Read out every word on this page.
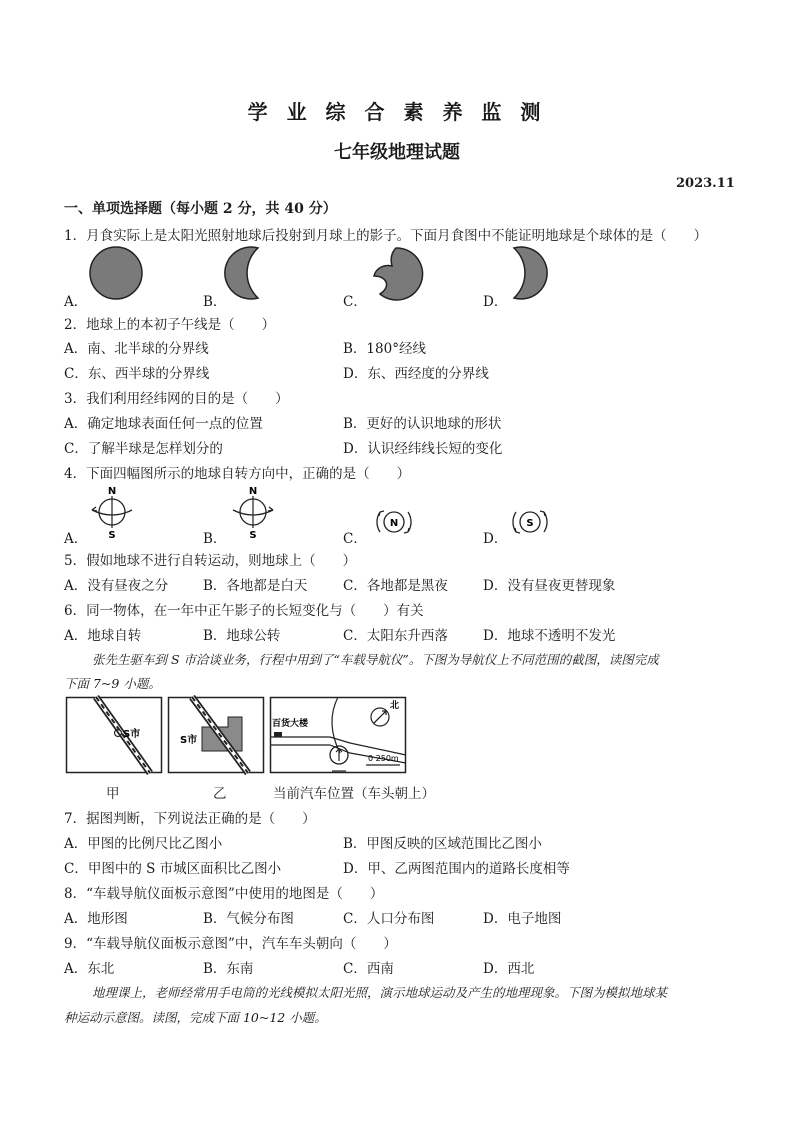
学 业 综 合 素 养 监 测
七年级地理试题
2023.11
一、单项选择题（每小题 2 分，共 40 分）
1．月食实际上是太阳光照射地球后投射到月球上的影子。下面月食图中不能证明地球是个球体的是（　　）
A．	B．	C．	D．
2．地球上的本初子午线是（　　）
A．南、北半球的分界线	B．180°经线
C．东、西半球的分界线	D．东、西经度的分界线
3．我们利用经纬网的目的是（　　）
A．确定地球表面任何一点的位置	B．更好的认识地球的形状
C．了解半球是怎样划分的	D．认识经纬线长短的变化
4．下面四幅图所示的地球自转方向中，正确的是（　　）
A．	B．	C．	D．
N
S
N
S
N	S
5．假如地球不进行自转运动，则地球上（　　）
A．没有昼夜之分	B．各地都是白天	C．各地都是黑夜	D．没有昼夜更替现象
6．同一物体，在一年中正午影子的长短变化与（　　）有关
A．地球自转	B．地球公转	C．太阳东升西落	D．地球不透明不发光
张先生驱车到 S 市洽谈业务，行程中用到了“车载导航仪”。下图为导航仪上不同范围的截图，读图完成
下面 7~9 小题。
S市
S市
百货大楼
北
0 250m
甲	乙	当前汽车位置（车头朝上）
7．据图判断，下列说法正确的是（　　）
A．甲图的比例尺比乙图小	B．甲图反映的区域范围比乙图小
C．甲图中的 S 市城区面积比乙图小	D．甲、乙两图范围内的道路长度相等
8．“车载导航仪面板示意图”中使用的地图是（　　）
A．地形图	B．气候分布图	C．人口分布图	D．电子地图
9．“车载导航仪面板示意图”中，汽车车头朝向（　　）
A．东北	B．东南	C．西南	D．西北
地理课上，老师经常用手电筒的光线模拟太阳光照，演示地球运动及产生的地理现象。下图为模拟地球某
种运动示意图。读图，完成下面 10~12 小题。
